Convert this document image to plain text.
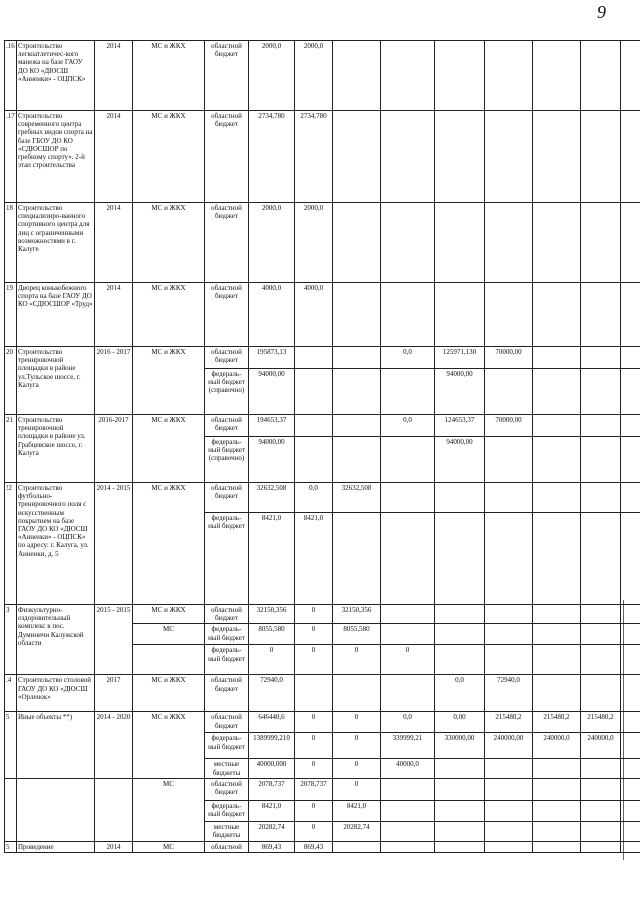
9
.16	Строительство легкоатлетичес-кого манежа на базе ГАОУ ДО КО «ДЮСШ «Анненки» - ОЦПСК»	2014	МС и ЖКХ	областной бюджет	2000,0	2000,0							
.17	Строительство современного центра гребных видов спорта на базе ГБОУ ДО КО «СДЮСШОР по гребному спорту». 2-й этап строительства	2014	МС и ЖКХ	областной бюджет	2734,780	2734,780							
18	Строительство специализиро-ванного спортивного центра для лиц с ограниченными возможностями в г. Калуге	2014	МС и ЖКХ	областной бюджет	2000,0	2000,0							
19	Дворец конькобежного спорта на базе ГАОУ ДО КО «СДЮСШОР «Труд»	2014	МС и ЖКХ	областной бюджет	4000,0	4000,0							
20	Строительство тренировочной площадки в районе ул.Тульское шоссе, г. Калуга	2016 - 2017	МС и ЖКХ	областной бюджет	195873,13			0,0	125971,130	70000,00			
				федераль-ный бюджет (справочно)	94000,00				94000,00				
21	Строительство тренировочной площадки в районе ул. Грабцевское шоссе, г. Калуга	2016-2017	МС и ЖКХ	областной бюджет	194653,37			0,0	124653,37	70000,00			
				федераль-ный бюджет (справочно)	94000,00				94000,00				
!2	Строительство футбольно-тренировочного поля с искусственным покрытием на базе ГАОУ ДО КО «ДЮСШ «Анненки» - ОЦПСК» по адресу: г. Калуга, ул. Анненки, д. 5	2014 - 2015	МС и ЖКХ	областной бюджет	32632,508	0,0	32632,508						
				федераль-ный бюджет	8421,0	8421,0							
3	Физкультурно-оздоровительный комплекс в пос. Думиничи Калужской области	2015 - 2015	МС и ЖКХ	областной бюджет	32150,356	0	32150,356						
			МС	федераль-ный бюджет	8055,580	0	8055,580						
				федераль-ный бюджет	0	0	0	0					
.4	Строительство столовой ГАОУ ДО КО «ДЮСШ «Орленок»	2017	МС и ЖКХ	областной бюджет	72940,0				0,0	72940,0			
5	Иные объекты **)	2014 - 2020	МС и ЖКХ	областной бюджет	646440,6	0	0	0,0	0,00	215480,2	215480,2	215480,2	
				федераль-ный бюджет	1389999,210	0	0	339999,21	330000,00	240000,00	240000,0	240000,0	
				местные бюджеты	40000,000	0	0	40000,0					
			МС	областной бюджет	2078,737	2078,737	0						
				федераль-ный бюджет	8421,0	0	8421,0						
				местные бюджеты	20282,74	0	20282,74						
5	Проведение	2014	МС	областной	869,43	869,43							
